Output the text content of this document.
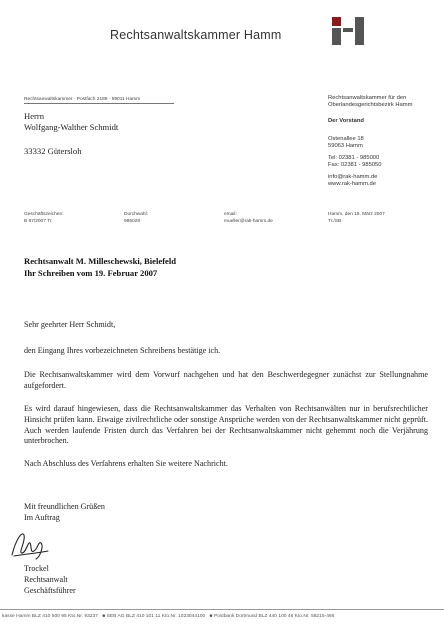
Rechtsanwaltskammer Hamm
Rechtsanwaltskammer · Postfach 2189 · 59011 Hamm
Herrn
Wolfgang-Walther Schmidt
33332 Gütersloh
Rechtsanwaltskammer für den
Oberlandesgerichtsbezirk Hamm
Der Vorstand
Ostenallee 18
59063 Hamm
Tel: 02381 - 985000
Fax: 02381 - 985050
info@rak-hamm.de
www.rak-hamm.de
Geschäftszeichen:
B 87/2007 Tr.
Durchwahl:
985028
email:
mueller@rak-hamm.de
Hamm, den 15. März 2007
Tr./SB
Rechtsanwalt M. Milleschewski, Bielefeld
Ihr Schreiben vom 19. Februar 2007
Sehr geehrter Herr Schmidt,
den Eingang Ihres vorbezeichneten Schreibens bestätige ich.
Die Rechtsanwaltskammer wird dem Vorwurf nachgehen und hat den Beschwerdegegner zunächst zur Stellungnahme aufgefordert.
Es wird darauf hingewiesen, dass die Rechtsanwaltskammer das Verhalten von Rechtsanwälten nur in berufsrechtlicher Hinsicht prüfen kann. Etwaige zivilrechtliche oder sonstige Ansprüche werden von der Rechtsanwaltskammer nicht geprüft. Auch werden laufende Fristen durch das Verfahren bei der Rechtsanwaltskammer nicht gehemmt noch die Verjährung unterbrochen.
Nach Abschluss des Verfahrens erhalten Sie weitere Nachricht.
Mit freundlichen Grüßen
Im Auftrag
Trockel
Rechtsanwalt
Geschäftsführer
kasse Hamm BLZ 410 500 95 Kto.Nr. 93237 ■ SEB AG BLZ 410 101 11 Kto.Nr. 1023044100 ■ Postbank Dortmund BLZ 440 100 46 Kto.Nr. 58215-466
